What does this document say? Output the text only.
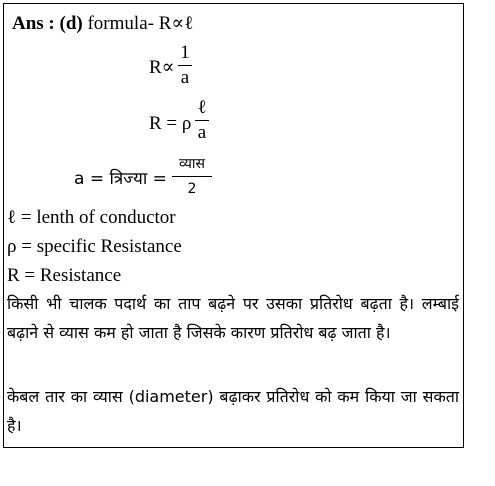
Ans : (d) formula- R∝ℓ
R∝
1
a
R = ρ
ℓ
a
a = त्रिज्या =
व्यास
2
ℓ = lenth of conductor
ρ = specific Resistance
R = Resistance
किसी भी चालक पदार्थ का ताप बढ़ने पर उसका प्रतिरोध बढ़ता है। लम्बाई बढ़ाने से व्यास कम हो जाता है जिसके कारण प्रतिरोध बढ़ जाता है।
केबल तार का व्यास (diameter) बढ़ाकर प्रतिरोध को कम किया जा सकता है।
